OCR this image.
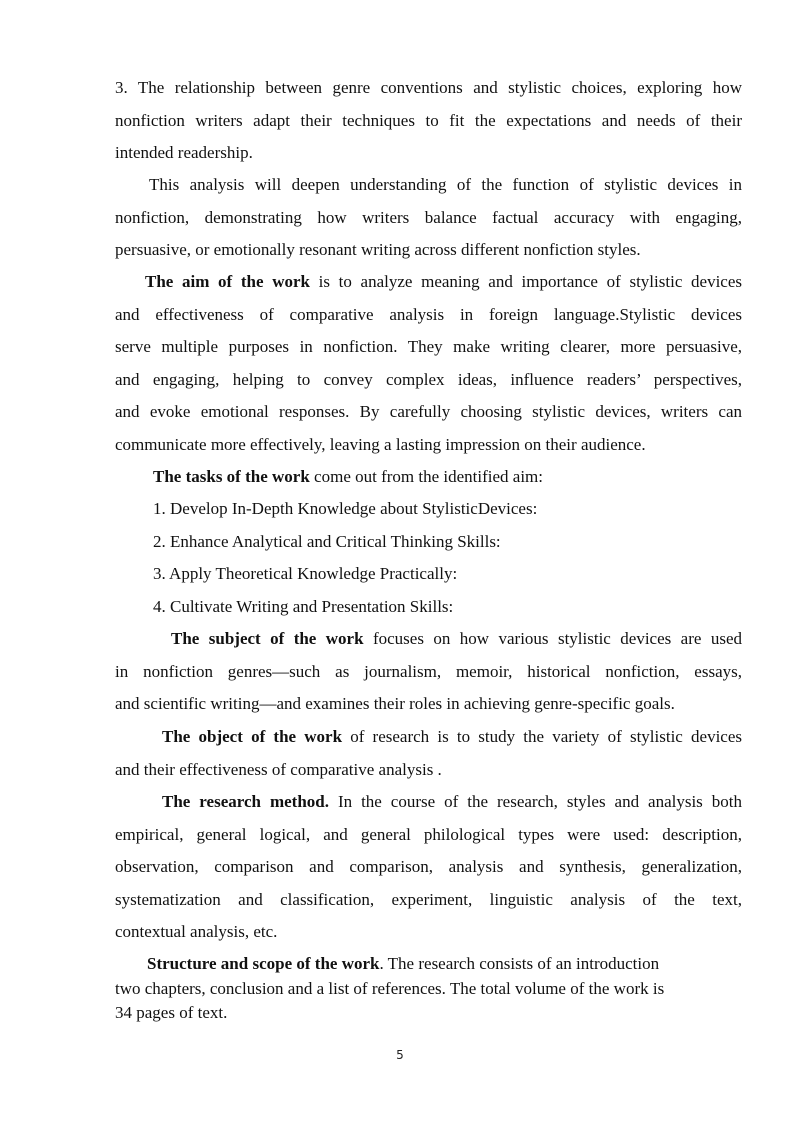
3. The relationship between genre conventions and stylistic choices, exploring how
nonfiction writers adapt their techniques to fit the expectations and needs of their
intended readership.
This analysis will deepen understanding of the function of stylistic devices in
nonfiction, demonstrating how writers balance factual accuracy with engaging,
persuasive, or emotionally resonant writing across different nonfiction styles.
The aim of the work is to analyze meaning and importance of stylistic devices
and effectiveness of comparative analysis in foreign language.Stylistic devices
serve multiple purposes in nonfiction. They make writing clearer, more persuasive,
and engaging, helping to convey complex ideas, influence readers’ perspectives,
and evoke emotional responses. By carefully choosing stylistic devices, writers can
communicate more effectively, leaving a lasting impression on their audience.
The tasks of the work come out from the identified aim:
1. Develop In-Depth Knowledge about StylisticDevices:
2. Enhance Analytical and Critical Thinking Skills:
3. Apply Theoretical Knowledge Practically:
4. Cultivate Writing and Presentation Skills:
The subject of the work focuses on how various stylistic devices are used
in nonfiction genres—such as journalism, memoir, historical nonfiction, essays,
and scientific writing—and examines their roles in achieving genre-specific goals.
The object of the work of research is to study the variety of stylistic devices
and their effectiveness of comparative analysis .
The research method. In the course of the research, styles and analysis both
empirical, general logical, and general philological types were used: description,
observation, comparison and comparison, analysis and synthesis, generalization,
systematization and classification, experiment, linguistic analysis of the text,
contextual analysis, etc.
Structure and scope of the work. The research consists of an introduction
two chapters, conclusion and a list of references. The total volume of the work is
34 pages of text.
5
